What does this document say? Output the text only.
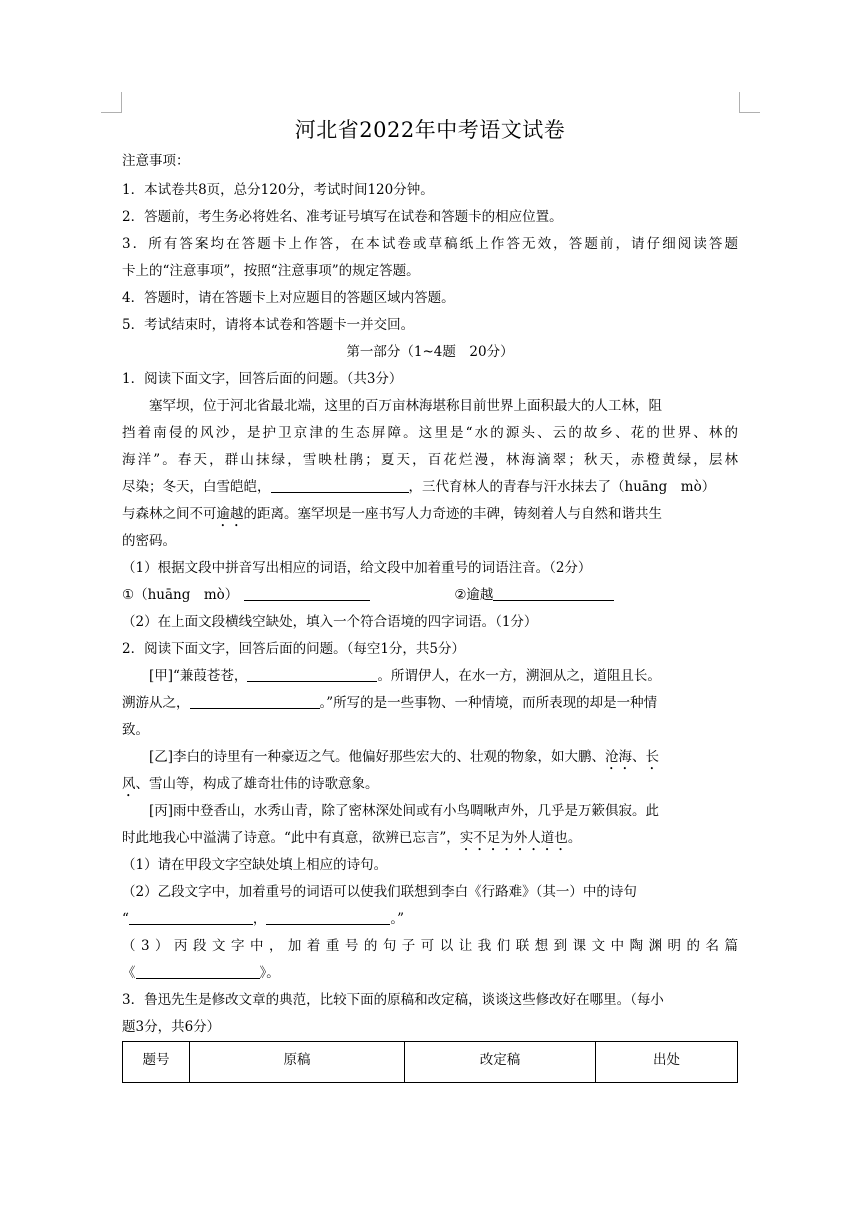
河北省2022年中考语文试卷
注意事项：
1．本试卷共8页，总分120分，考试时间120分钟。
2．答题前，考生务必将姓名、准考证号填写在试卷和答题卡的相应位置。
3．所有答案均在答题卡上作答，在本试卷或草稿纸上作答无效，答题前，请仔细阅读答题
卡上的“注意事项”，按照“注意事项”的规定答题。
4．答题时，请在答题卡上对应题目的答题区域内答题。
5．考试结束时，请将本试卷和答题卡一并交回。
第一部分（1~4题　20分）
1．阅读下面文字，回答后面的问题。（共3分）
塞罕坝，位于河北省最北端，这里的百万亩林海堪称目前世界上面积最大的人工林，阻
挡着南侵的风沙，是护卫京津的生态屏障。这里是“水的源头、云的故乡、花的世界、林的
海洋”。春天，群山抹绿，雪映杜鹃；夏天，百花烂漫，林海滴翠；秋天，赤橙黄绿，层林
尽染；冬天，白雪皑皑，	，三代育林人的青春与汗水抹去了（huāng　mò）
与森林之间不可逾越的距离。塞罕坝是一座书写人力奇迹的丰碑，铸刻着人与自然和谐共生
的密码。
（1）根据文段中拼音写出相应的词语，给文段中加着重号的词语注音。（2分）
①（huāng　mò）	②逾越
（2）在上面文段横线空缺处，填入一个符合语境的四字词语。（1分）
2．阅读下面文字，回答后面的问题。（每空1分，共5分）
[甲]“兼葭苍苍，	。所谓伊人，在水一方，溯洄从之，道阻且长。
溯游从之，	。”所写的是一些事物、一种情境，而所表现的却是一种情
致。
[乙]李白的诗里有一种豪迈之气。他偏好那些宏大的、壮观的物象，如大鹏、沧海、长
风、雪山等，构成了雄奇壮伟的诗歌意象。
[丙]雨中登香山，水秀山青，除了密林深处间或有小鸟啁啾声外，几乎是万簌俱寂。此
时此地我心中溢满了诗意。“此中有真意，欲辨已忘言”，实不足为外人道也。
（1）请在甲段文字空缺处填上相应的诗句。
（2）乙段文字中，加着重号的词语可以使我们联想到李白《行路难》（其一）中的诗句
“	，	。”
（3）丙段文字中，加着重号的句子可以让我们联想到课文中陶渊明的名篇
《	》。
3．鲁迅先生是修改文章的典范，比较下面的原稿和改定稿，谈谈这些修改好在哪里。（每小
题3分，共6分）
题号	原稿	改定稿	出处
